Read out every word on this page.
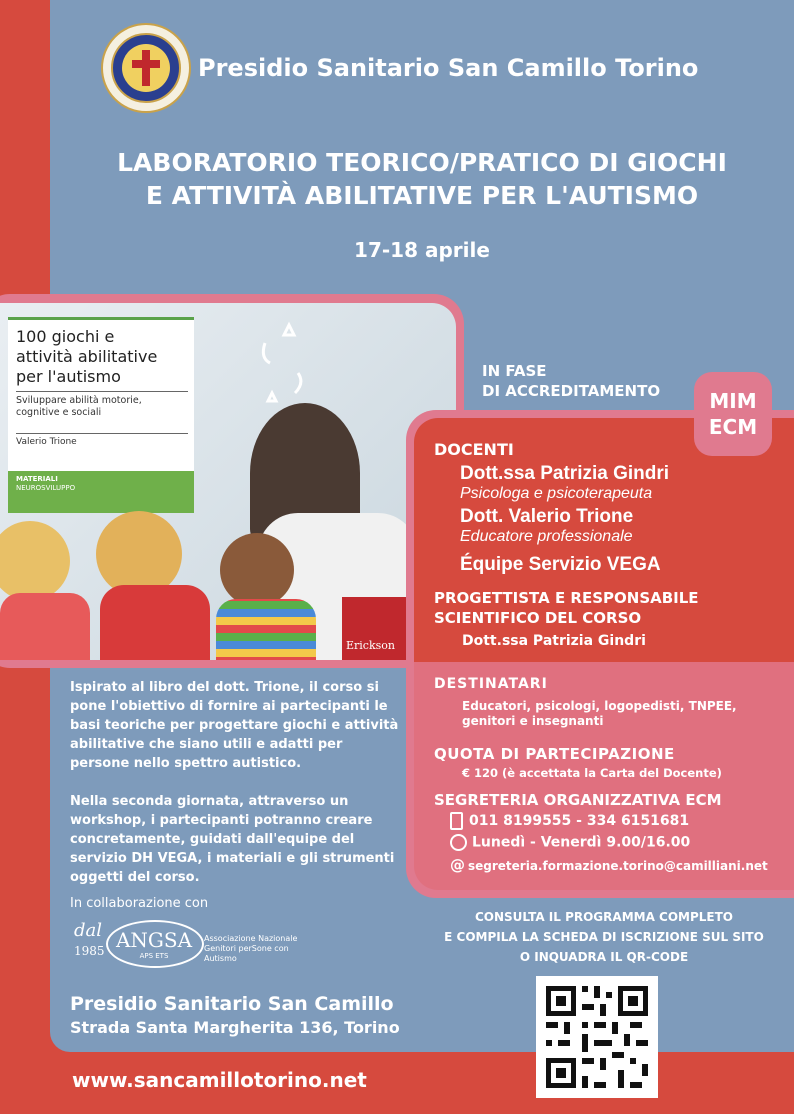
Presidio Sanitario San Camillo Torino
LABORATORIO TEORICO/PRATICO DI GIOCHI
E ATTIVITÀ ABILITATIVE PER L'AUTISMO
17-18 aprile
100 giochi e
attività abilitative
per l'autismo
Sviluppare abilità motorie,
cognitive e sociali
Valerio Trione
MATERIALI
NEUROSVILUPPO
Erickson
IN FASE
DI ACCREDITAMENTO	MIM
ECM
DOCENTI
Dott.ssa Patrizia Gindri
Psicologa e psicoterapeuta
Dott. Valerio Trione
Educatore professionale
Équipe Servizio VEGA
PROGETTISTA E RESPONSABILE
SCIENTIFICO DEL CORSO
Dott.ssa Patrizia Gindri
DESTINATARI
Educatori, psicologi, logopedisti, TNPEE,
genitori e insegnanti
QUOTA DI PARTECIPAZIONE
€ 120 (è accettata la Carta del Docente)
SEGRETERIA ORGANIZZATIVA ECM
011 8199555 - 334 6151681
Lunedì - Venerdì 9.00/16.00
@ segreteria.formazione.torino@camilliani.net
Ispirato al libro del dott. Trione, il corso si pone l'obiettivo di fornire ai partecipanti le basi teoriche per progettare giochi e attività abilitative che siano utili e adatti per persone nello spettro autistico.
Nella seconda giornata, attraverso un workshop, i partecipanti potranno creare concretamente, guidati dall'equipe del servizio DH VEGA, i materiali e gli strumenti oggetti del corso.
In collaborazione con
dal
1985 ANGSA
APS ETS
Associazione Nazionale
Genitori perSone con Autismo
Presidio Sanitario San Camillo
Strada Santa Margherita 136, Torino
www.sancamillotorino.net
CONSULTA IL PROGRAMMA COMPLETO
E COMPILA LA SCHEDA DI ISCRIZIONE SUL SITO
O INQUADRA IL QR-CODE
